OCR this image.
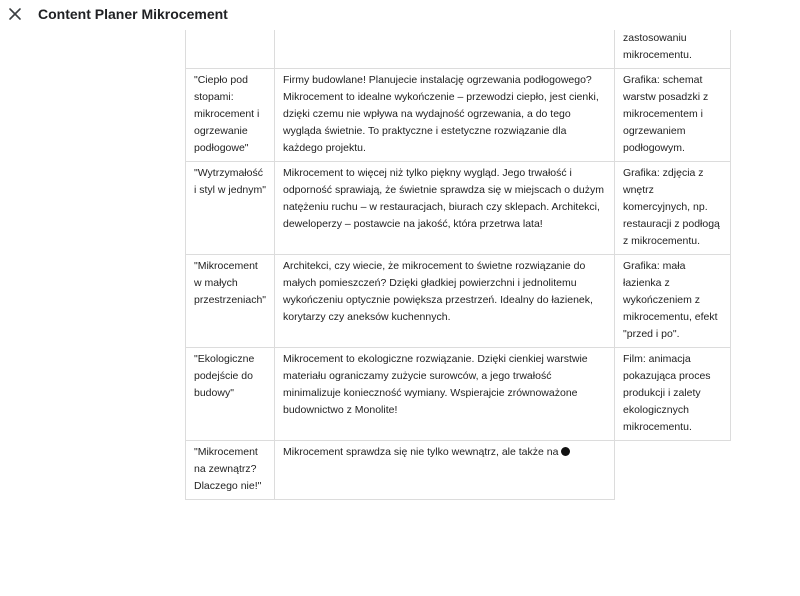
Content Planer Mikrocement
		zastosowaniu mikrocementu.
"Ciepło pod stopami: mikrocement i ogrzewanie podłogowe"	Firmy budowlane! Planujecie instalację ogrzewania podłogowego? Mikrocement to idealne wykończenie – przewodzi ciepło, jest cienki, dzięki czemu nie wpływa na wydajność ogrzewania, a do tego wygląda świetnie. To praktyczne i estetyczne rozwiązanie dla każdego projektu.	Grafika: schemat warstw posadzki z mikrocementem i ogrzewaniem podłogowym.
"Wytrzymałość i styl w jednym"	Mikrocement to więcej niż tylko piękny wygląd. Jego trwałość i odporność sprawiają, że świetnie sprawdza się w miejscach o dużym natężeniu ruchu – w restauracjach, biurach czy sklepach. Architekci, deweloperzy – postawcie na jakość, która przetrwa lata!	Grafika: zdjęcia z wnętrz komercyjnych, np. restauracji z podłogą z mikrocementu.
"Mikrocement w małych przestrzeniach"	Architekci, czy wiecie, że mikrocement to świetne rozwiązanie do małych pomieszczeń? Dzięki gładkiej powierzchni i jednolitemu wykończeniu optycznie powiększa przestrzeń. Idealny do łazienek, korytarzy czy aneksów kuchennych.	Grafika: mała łazienka z wykończeniem z mikrocementu, efekt "przed i po".
"Ekologiczne podejście do budowy"	Mikrocement to ekologiczne rozwiązanie. Dzięki cienkiej warstwie materiału ograniczamy zużycie surowców, a jego trwałość minimalizuje konieczność wymiany. Wspierajcie zrównoważone budownictwo z Monolite!	Film: animacja pokazująca proces produkcji i zalety ekologicznych mikrocementu.
"Mikrocement na zewnątrz? Dlaczego nie!"	Mikrocement sprawdza się nie tylko wewnątrz, ale także na	
